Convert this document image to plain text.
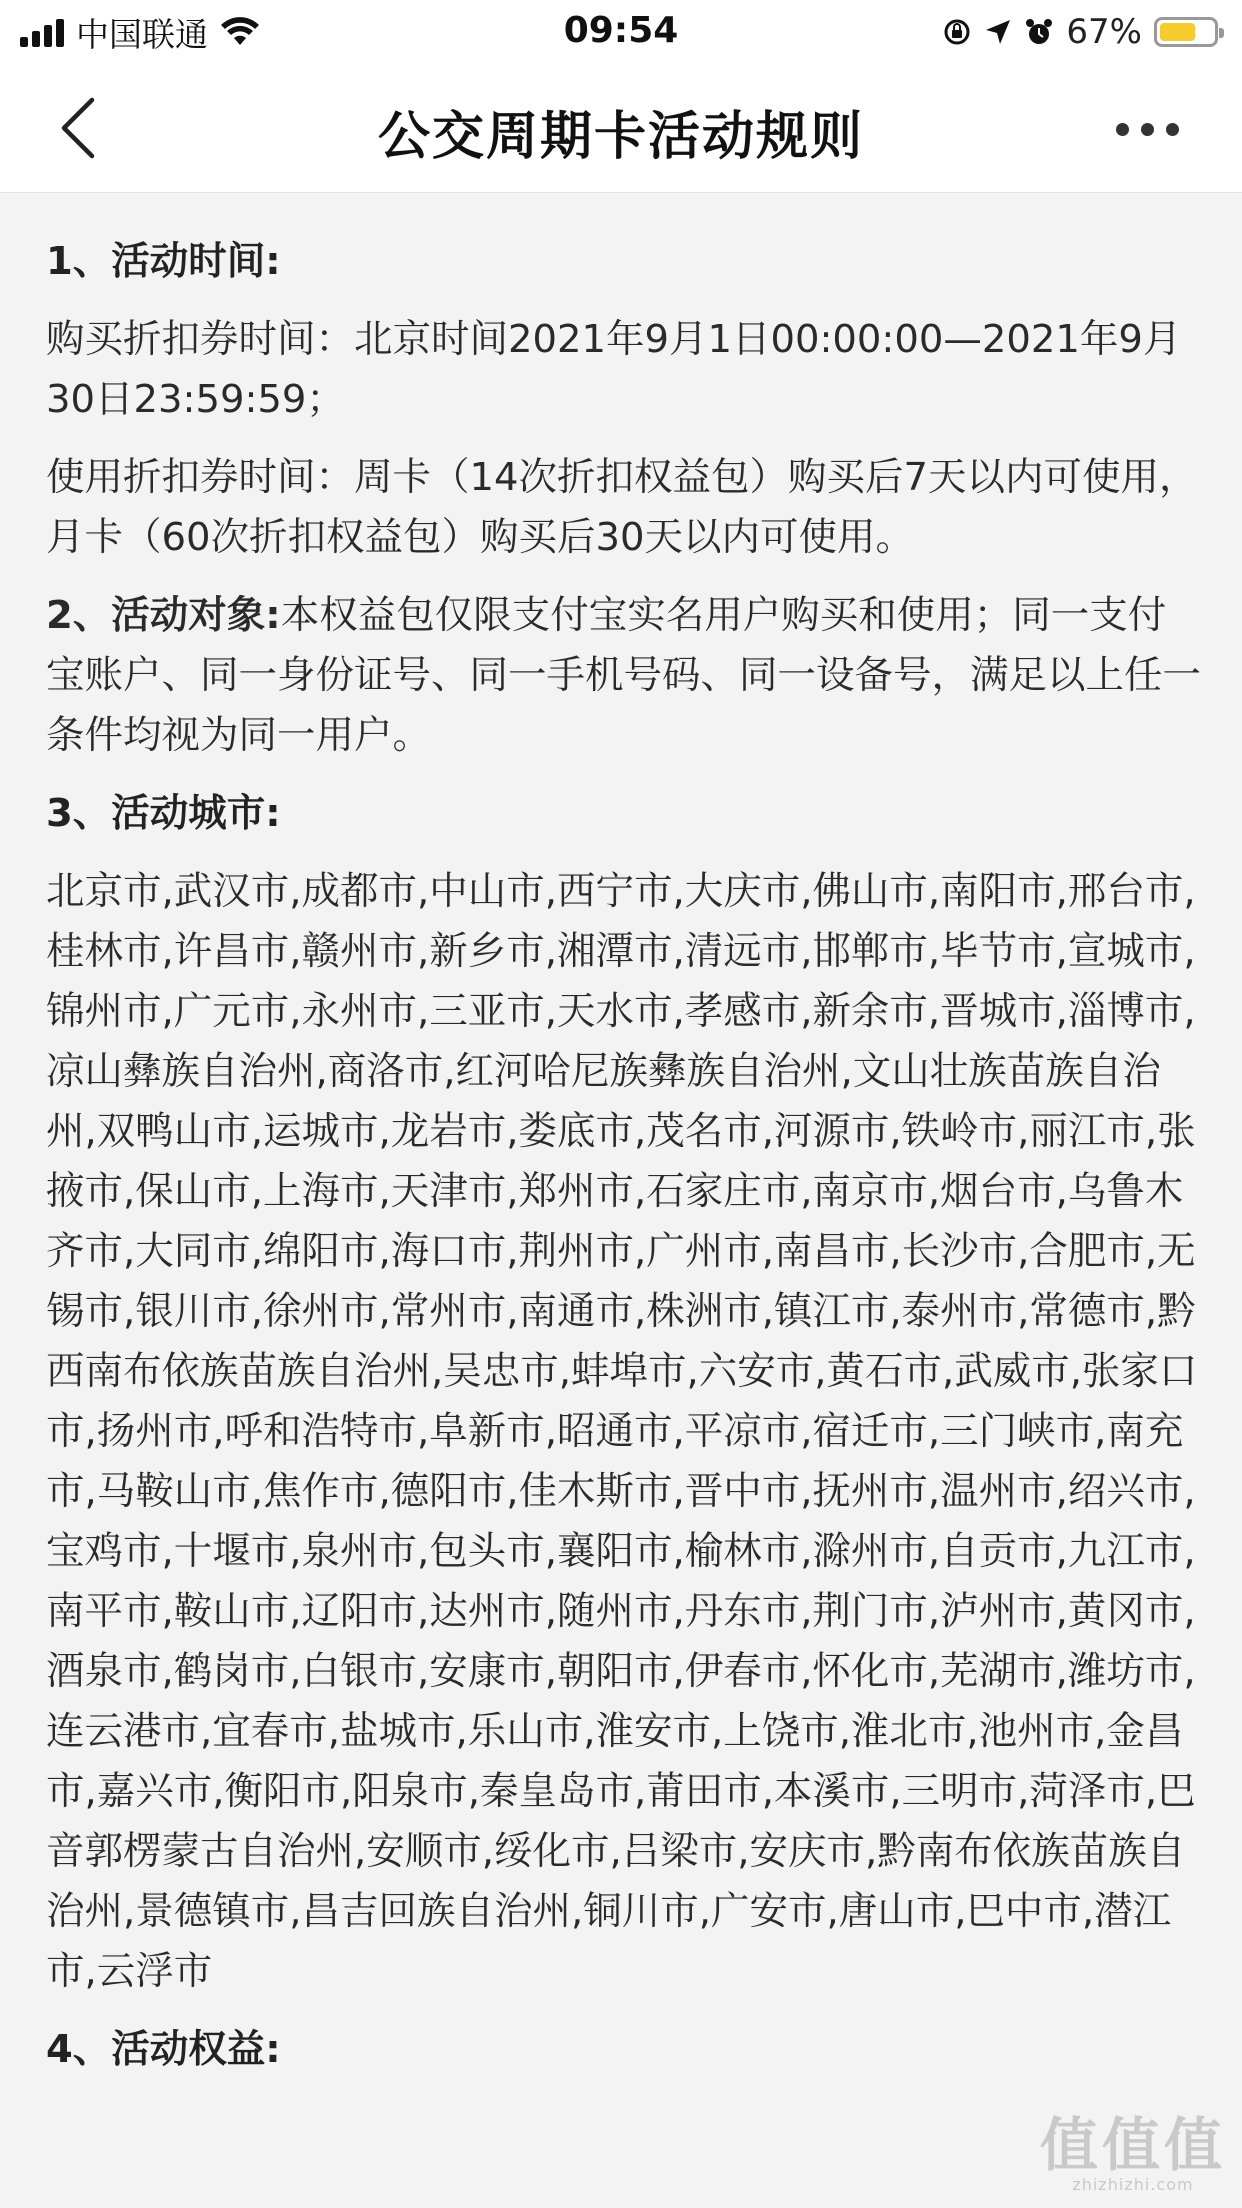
中国联通	09:54	67%
公交周期卡活动规则

1、活动时间:

购买折扣券时间：北京时间2021年9月1日00:00:00—2021年9月30日23:59:59；

使用折扣券时间：周卡（14次折扣权益包）购买后7天以内可使用， 月卡（60次折扣权益包）购买后30天以内可使用。

2、活动对象:本权益包仅限支付宝实名用户购买和使用；同一支付宝账户、同一身份证号、同一手机号码、同一设备号，满足以上任一条件均视为同一用户。

3、活动城市:

北京市,武汉市,成都市,中山市,西宁市,大庆市,佛山市,南阳市,邢台市,桂林市,许昌市,赣州市,新乡市,湘潭市,清远市,邯郸市,毕节市,宣城市,锦州市,广元市,永州市,三亚市,天水市,孝感市,新余市,晋城市,淄博市,凉山彝族自治州,商洛市,红河哈尼族彝族自治州,文山壮族苗族自治州,双鸭山市,运城市,龙岩市,娄底市,茂名市,河源市,铁岭市,丽江市,张掖市,保山市,上海市,天津市,郑州市,石家庄市,南京市,烟台市,乌鲁木齐市,大同市,绵阳市,海口市,荆州市,广州市,南昌市,长沙市,合肥市,无锡市,银川市,徐州市,常州市,南通市,株洲市,镇江市,泰州市,常德市,黔西南布依族苗族自治州,吴忠市,蚌埠市,六安市,黄石市,武威市,张家口市,扬州市,呼和浩特市,阜新市,昭通市,平凉市,宿迁市,三门峡市,南充市,马鞍山市,焦作市,德阳市,佳木斯市,晋中市,抚州市,温州市,绍兴市,宝鸡市,十堰市,泉州市,包头市,襄阳市,榆林市,滁州市,自贡市,九江市,南平市,鞍山市,辽阳市,达州市,随州市,丹东市,荆门市,泸州市,黄冈市,酒泉市,鹤岗市,白银市,安康市,朝阳市,伊春市,怀化市,芜湖市,潍坊市,连云港市,宜春市,盐城市,乐山市,淮安市,上饶市,淮北市,池州市,金昌市,嘉兴市,衡阳市,阳泉市,秦皇岛市,莆田市,本溪市,三明市,菏泽市,巴音郭楞蒙古自治州,安顺市,绥化市,吕梁市,安庆市,黔南布依族苗族自治州,景德镇市,昌吉回族自治州,铜川市,广安市,唐山市,巴中市,潜江市,云浮市

4、活动权益:

值值值
zhizhizhi.com
